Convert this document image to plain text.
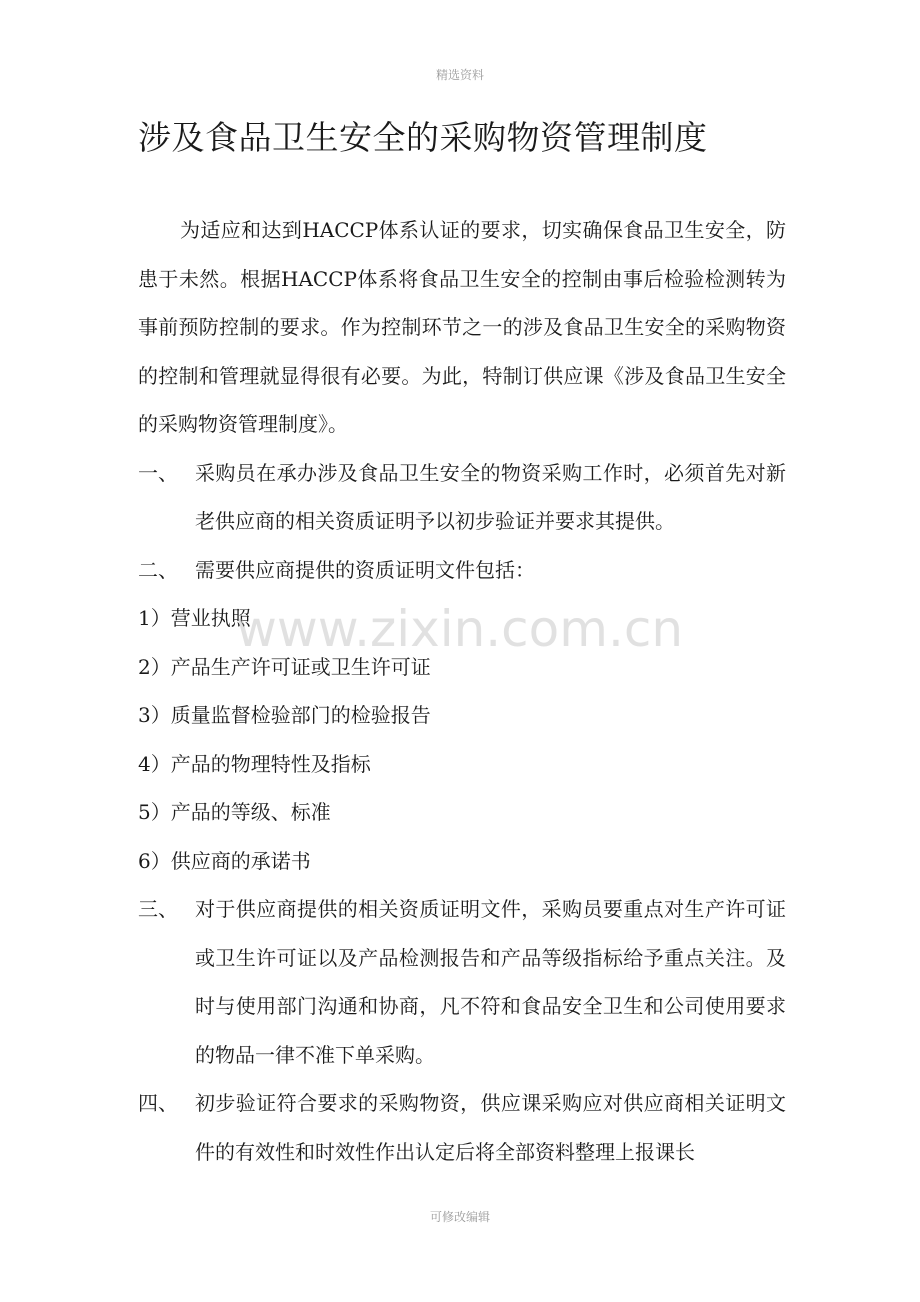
精选资料
涉及食品卫生安全的采购物资管理制度

为适应和达到HACCP体系认证的要求，切实确保食品卫生安全，防患于未然。根据HACCP体系将食品卫生安全的控制由事后检验检测转为事前预防控制的要求。作为控制环节之一的涉及食品卫生安全的采购物资的控制和管理就显得很有必要。为此，特制订供应课《涉及食品卫生安全的采购物资管理制度》。

一、 采购员在承办涉及食品卫生安全的物资采购工作时，必须首先对新老供应商的相关资质证明予以初步验证并要求其提供。
二、 需要供应商提供的资质证明文件包括：

1）营业执照

2）产品生产许可证或卫生许可证

3）质量监督检验部门的检验报告

4）产品的物理特性及指标

5）产品的等级、标准

6）供应商的承诺书

三、 对于供应商提供的相关资质证明文件，采购员要重点对生产许可证或卫生许可证以及产品检测报告和产品等级指标给予重点关注。及时与使用部门沟通和协商，凡不符和食品安全卫生和公司使用要求的物品一律不准下单采购。
四、 初步验证符合要求的采购物资，供应课采购应对供应商相关证明文件的有效性和时效性作出认定后将全部资料整理上报课长
www.zixin.com.cn
可修改编辑
